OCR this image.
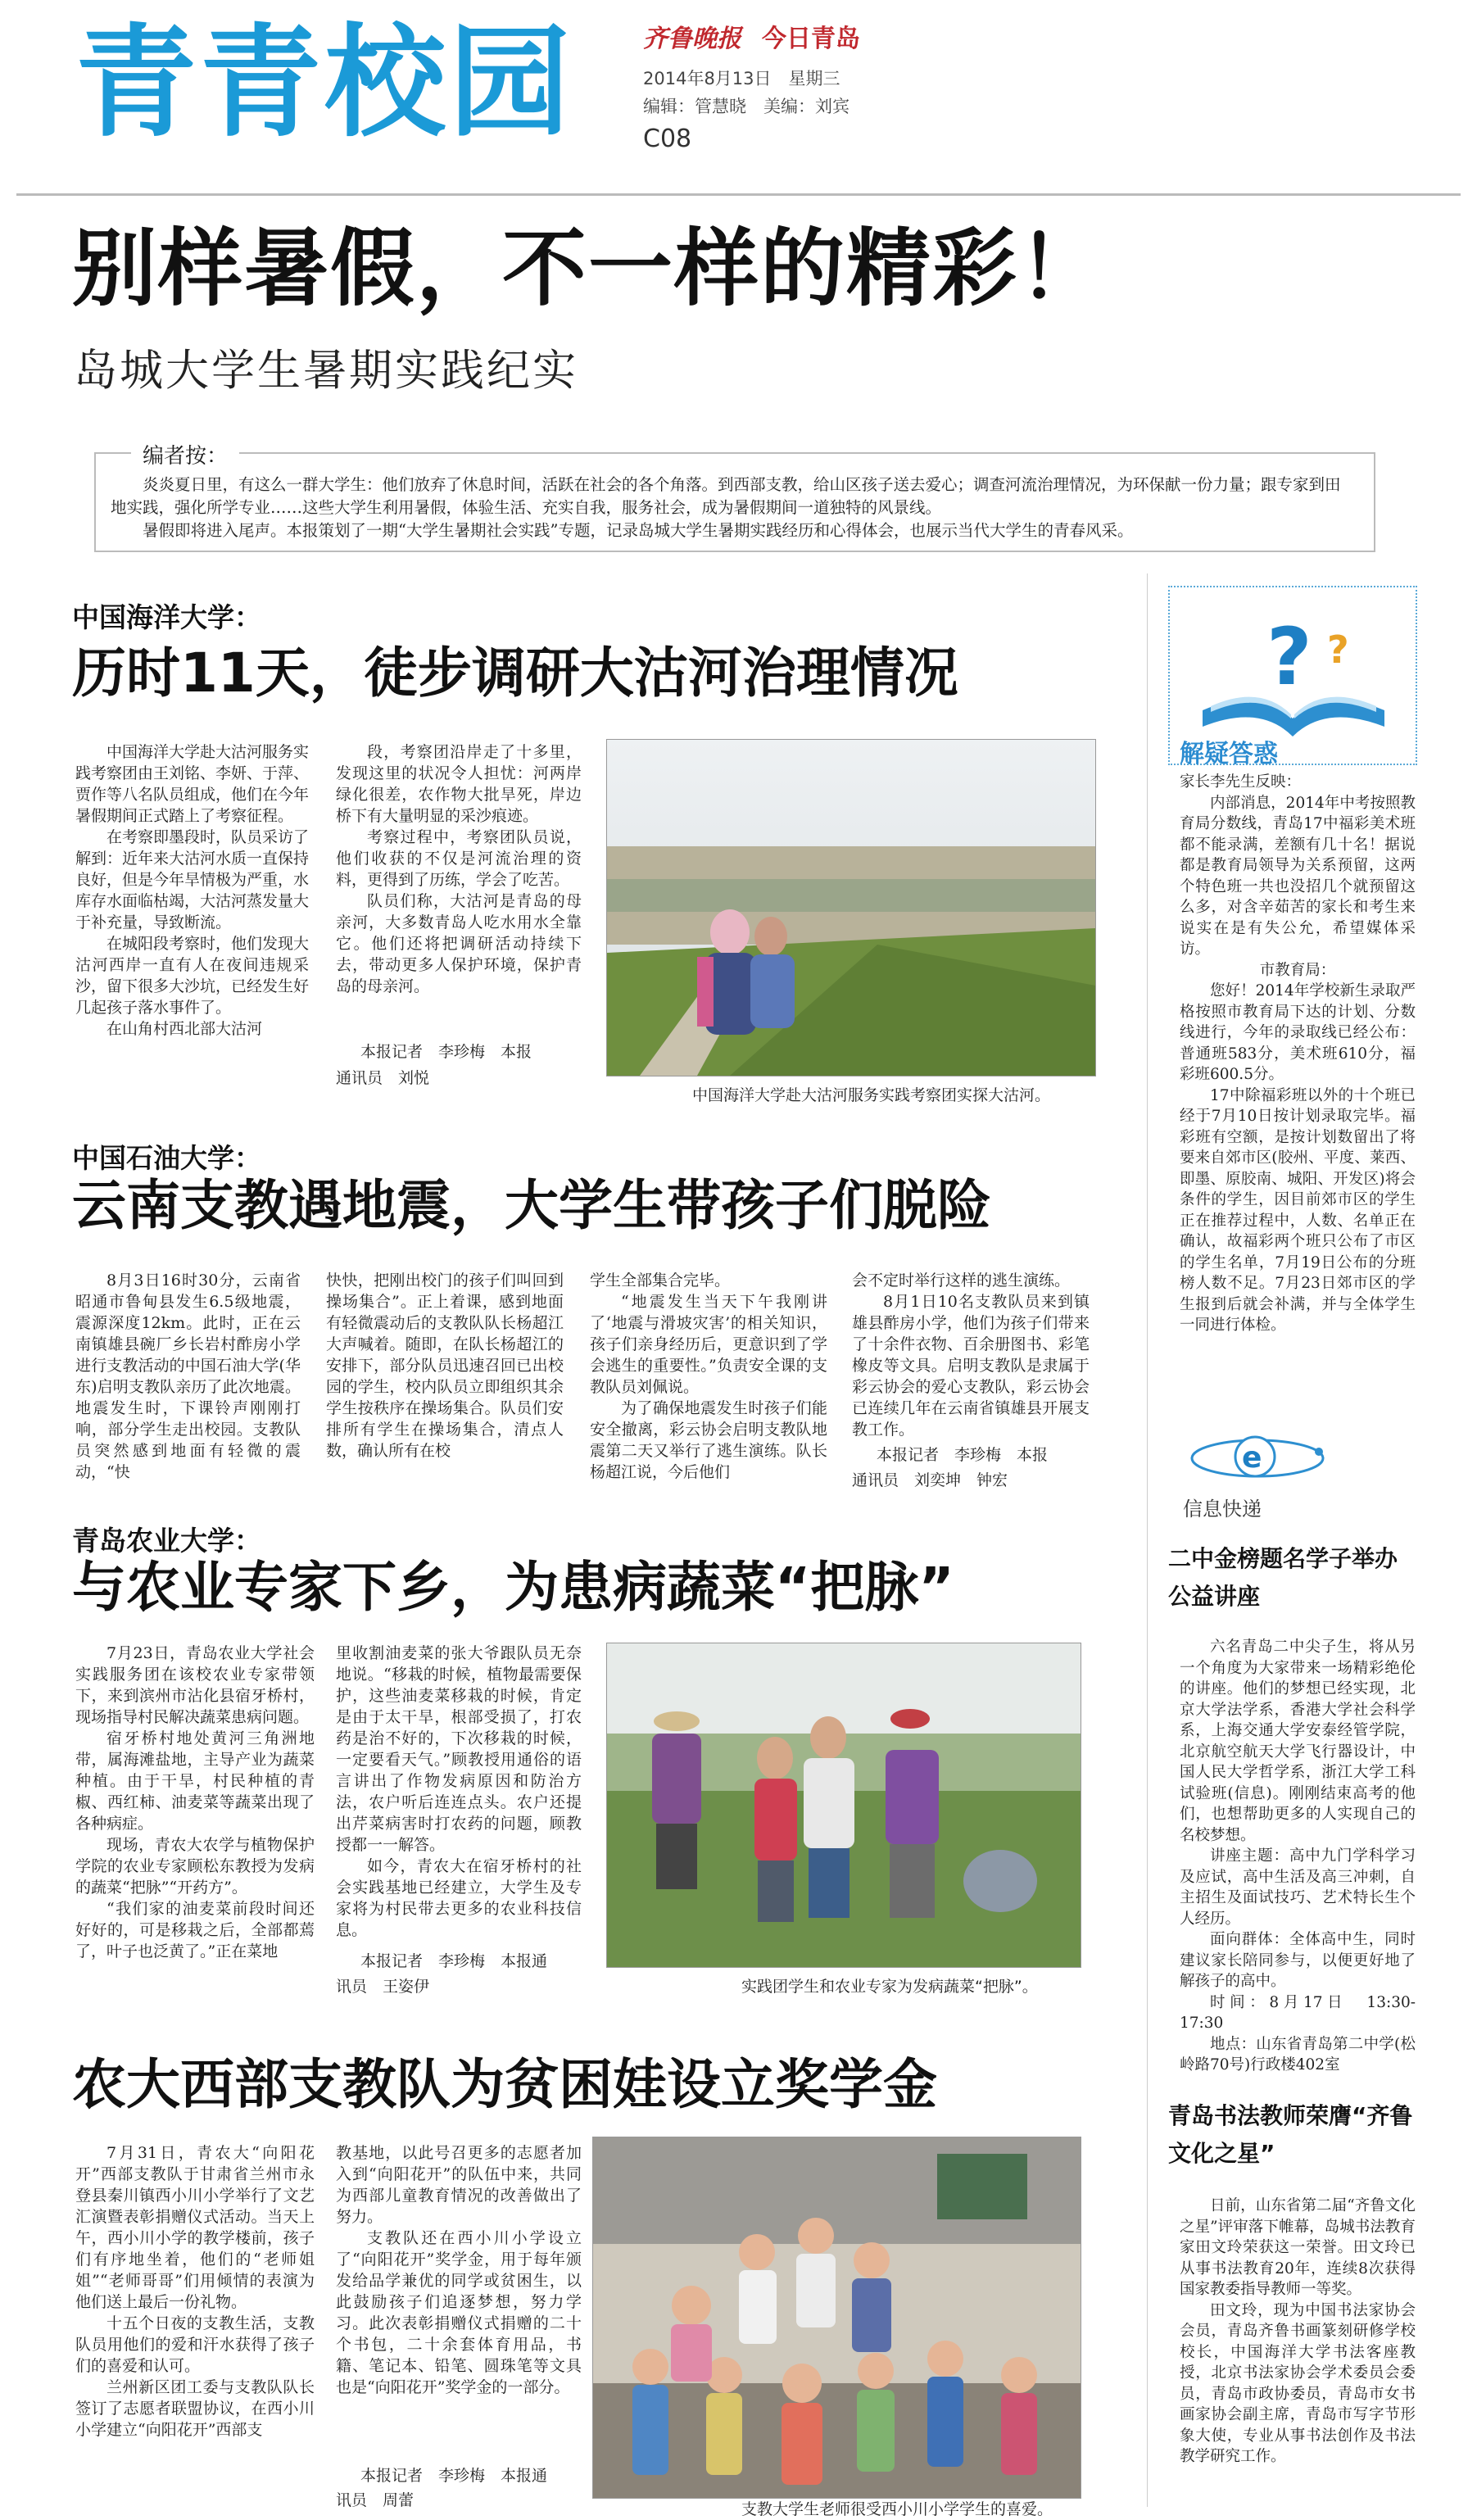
青青校园	齐鲁晚报 今日青岛
2014年8月13日　星期三
编辑：管慧晓　美编：刘宾
C08
别样暑假，不一样的精彩！
岛城大学生暑期实践纪实
编者按：
炎炎夏日里，有这么一群大学生：他们放弃了休息时间，活跃在社会的各个角落。到西部支教，给山区孩子送去爱心；调查河流治理情况，为环保献一份力量；跟专家到田地实践，强化所学专业……这些大学生利用暑假，体验生活、充实自我，服务社会，成为暑假期间一道独特的风景线。
暑假即将进入尾声。本报策划了一期“大学生暑期社会实践”专题，记录岛城大学生暑期实践经历和心得体会，也展示当代大学生的青春风采。
中国海洋大学：
历时11天，徒步调研大沽河治理情况

中国海洋大学赴大沽河服务实践考察团由王刘铭、李妍、于萍、贾作等八名队员组成，他们在今年暑假期间正式踏上了考察征程。

在考察即墨段时，队员采访了解到：近年来大沽河水质一直保持良好，但是今年旱情极为严重，水库存水面临枯竭，大沽河蒸发量大于补充量，导致断流。

在城阳段考察时，他们发现大沽河西岸一直有人在夜间违规采沙，留下很多大沙坑，已经发生好几起孩子落水事件了。

在山角村西北部大沽河

段，考察团沿岸走了十多里，发现这里的状况令人担忧：河两岸绿化很差，农作物大批旱死，岸边桥下有大量明显的采沙痕迹。

考察过程中，考察团队员说，他们收获的不仅是河流治理的资料，更得到了历练，学会了吃苦。

队员们称，大沽河是青岛的母亲河，大多数青岛人吃水用水全靠它。他们还将把调研活动持续下去，带动更多人保护环境，保护青岛的母亲河。

本报记者　李珍梅　本报
通讯员　刘悦
中国海洋大学赴大沽河服务实践考察团实探大沽河。
中国石油大学：
云南支教遇地震，大学生带孩子们脱险

8月3日16时30分，云南省昭通市鲁甸县发生6.5级地震，震源深度12km。此时，正在云南镇雄县碗厂乡长岩村酢房小学进行支教活动的中国石油大学(华东)启明支教队亲历了此次地震。地震发生时，下课铃声刚刚打响，部分学生走出校园。支教队员突然感到地面有轻微的震动，“快

快快，把刚出校门的孩子们叫回到操场集合”。正上着课，感到地面有轻微震动后的支教队队长杨超江大声喊着。随即，在队长杨超江的安排下，部分队员迅速召回已出校园的学生，校内队员立即组织其余学生按秩序在操场集合。队员们安排所有学生在操场集合，清点人数，确认所有在校

学生全部集合完毕。

“地震发生当天下午我刚讲了‘地震与滑坡灾害’的相关知识，孩子们亲身经历后，更意识到了学会逃生的重要性。”负责安全课的支教队员刘佩说。

为了确保地震发生时孩子们能安全撤离，彩云协会启明支教队地震第二天又举行了逃生演练。队长杨超江说，今后他们

会不定时举行这样的逃生演练。

8月1日10名支教队员来到镇雄县酢房小学，他们为孩子们带来了十余件衣物、百余册图书、彩笔橡皮等文具。启明支教队是隶属于彩云协会的爱心支教队，彩云协会已连续几年在云南省镇雄县开展支教工作。

本报记者　李珍梅　本报
通讯员　刘奕坤　钟宏
青岛农业大学：
与农业专家下乡，为患病蔬菜“把脉”

7月23日，青岛农业大学社会实践服务团在该校农业专家带领下，来到滨州市沾化县宿牙桥村，现场指导村民解决蔬菜患病问题。

宿牙桥村地处黄河三角洲地带，属海滩盐地，主导产业为蔬菜种植。由于干旱，村民种植的青椒、西红柿、油麦菜等蔬菜出现了各种病症。

现场，青农大农学与植物保护学院的农业专家顾松东教授为发病的蔬菜“把脉”“开药方”。

“我们家的油麦菜前段时间还好好的，可是移栽之后，全部都蔫了，叶子也泛黄了。”正在菜地

里收割油麦菜的张大爷跟队员无奈地说。“移栽的时候，植物最需要保护，这些油麦菜移栽的时候，肯定是由于太干旱，根部受损了，打农药是治不好的，下次移栽的时候，一定要看天气。”顾教授用通俗的语言讲出了作物发病原因和防治方法，农户听后连连点头。农户还提出芹菜病害时打农药的问题，顾教授都一一解答。

如今，青农大在宿牙桥村的社会实践基地已经建立，大学生及专家将为村民带去更多的农业科技信息。

本报记者　李珍梅　本报通
讯员　王姿伊	实践团学生和农业专家为发病蔬菜“把脉”。
农大西部支教队为贫困娃设立奖学金

7月31日，青农大“向阳花开”西部支教队于甘肃省兰州市永登县秦川镇西小川小学举行了文艺汇演暨表彰捐赠仪式活动。当天上午，西小川小学的教学楼前，孩子们有序地坐着，他们的“老师姐姐”“老师哥哥”们用倾情的表演为他们送上最后一份礼物。

十五个日夜的支教生活，支教队员用他们的爱和汗水获得了孩子们的喜爱和认可。

兰州新区团工委与支教队队长签订了志愿者联盟协议，在西小川小学建立“向阳花开”西部支

教基地，以此号召更多的志愿者加入到“向阳花开”的队伍中来，共同为西部儿童教育情况的改善做出了努力。

支教队还在西小川小学设立了“向阳花开”奖学金，用于每年颁发给品学兼优的同学或贫困生，以此鼓励孩子们追逐梦想，努力学习。此次表彰捐赠仪式捐赠的二十个书包，二十余套体育用品，书籍、笔记本、铅笔、圆珠笔等文具也是“向阳花开”奖学金的一部分。

本报记者　李珍梅　本报通
讯员　周蕾	支教大学生老师很受西小川小学学生的喜爱。
? ?
解疑答惑
家长李先生反映：

内部消息，2014年中考按照教育局分数线，青岛17中福彩美术班都不能录满，差额有几十名！据说都是教育局领导为关系预留，这两个特色班一共也没招几个就预留这么多，对含辛茹苦的家长和考生来说实在是有失公允，希望媒体采访。

市教育局：

您好！2014年学校新生录取严格按照市教育局下达的计划、分数线进行，今年的录取线已经公布：普通班583分，美术班610分，福彩班600.5分。

17中除福彩班以外的十个班已经于7月10日按计划录取完毕。福彩班有空额，是按计划数留出了将要来自郊市区(胶州、平度、莱西、即墨、原胶南、城阳、开发区)将会条件的学生，因目前郊市区的学生正在推荐过程中，人数、名单正在确认，故福彩两个班只公布了市区的学生名单，7月19日公布的分班榜人数不足。7月23日郊市区的学生报到后就会补满，并与全体学生一同进行体检。

e
信息快递
二中金榜题名学子举办公益讲座

六名青岛二中尖子生，将从另一个角度为大家带来一场精彩绝伦的讲座。他们的梦想已经实现，北京大学法学系，香港大学社会科学系，上海交通大学安泰经管学院，北京航空航天大学飞行器设计，中国人民大学哲学系，浙江大学工科试验班(信息)。刚刚结束高考的他们，也想帮助更多的人实现自己的名校梦想。

讲座主题：高中九门学科学习及应试，高中生活及高三冲刺，自主招生及面试技巧、艺术特长生个人经历。

面向群体：全体高中生，同时建议家长陪同参与，以便更好地了解孩子的高中。

时间：8月17日　13:30-17:30

地点：山东省青岛第二中学(松岭路70号)行政楼402室

青岛书法教师荣膺“齐鲁文化之星”

日前，山东省第二届“齐鲁文化之星”评审落下帷幕，岛城书法教育家田文玲荣获这一荣誉。田文玲已从事书法教育20年，连续8次获得国家教委指导教师一等奖。

田文玲，现为中国书法家协会会员，青岛齐鲁书画篆刻研修学校校长，中国海洋大学书法客座教授，北京书法家协会学术委员会委员，青岛市政协委员，青岛市女书画家协会副主席，青岛市写字节形象大使，专业从事书法创作及书法教学研究工作。
